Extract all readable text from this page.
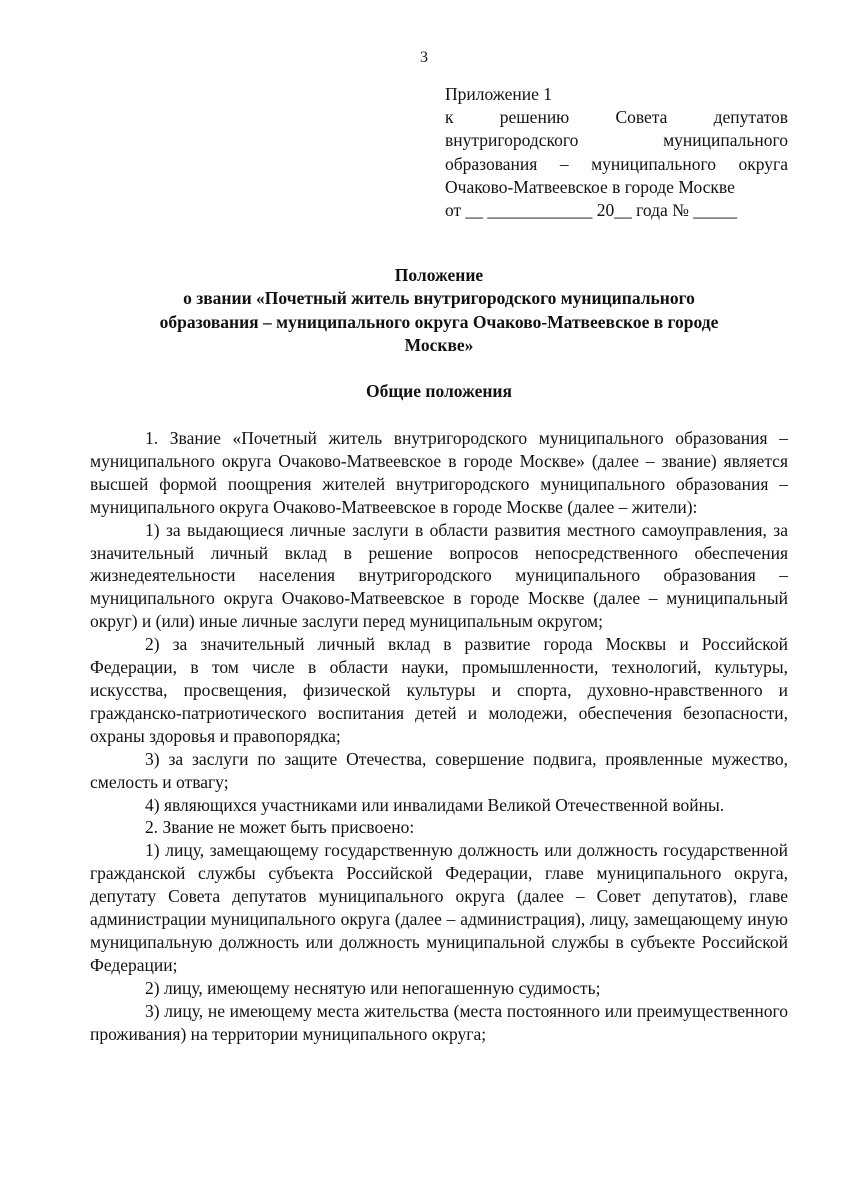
3
Приложение 1
к решению Совета депутатов
внутригородского муниципального
образования – муниципального округа
Очаково-Матвеевское в городе Москве
от __ ____________ 20__ года № _____
Положение
о звании «Почетный житель внутригородского муниципального
образования – муниципального округа Очаково-Матвеевское в городе
Москве»
Общие положения

1. Звание «Почетный житель внутригородского муниципального образования – муниципального округа Очаково-Матвеевское в городе Москве» (далее – звание) является высшей формой поощрения жителей внутригородского муниципального образования – муниципального округа Очаково-Матвеевское в городе Москве (далее – жители):

1) за выдающиеся личные заслуги в области развития местного самоуправления, за значительный личный вклад в решение вопросов непосредственного обеспечения жизнедеятельности населения внутригородского муниципального образования – муниципального округа Очаково-Матвеевское в городе Москве (далее – муниципальный округ) и (или) иные личные заслуги перед муниципальным округом;

2) за значительный личный вклад в развитие города Москвы и Российской Федерации, в том числе в области науки, промышленности, технологий, культуры, искусства, просвещения, физической культуры и спорта, духовно-нравственного и гражданско-патриотического воспитания детей и молодежи, обеспечения безопасности, охраны здоровья и правопорядка;

3) за заслуги по защите Отечества, совершение подвига, проявленные мужество, смелость и отвагу;

4) являющихся участниками или инвалидами Великой Отечественной войны.

2. Звание не может быть присвоено:

1) лицу, замещающему государственную должность или должность государственной гражданской службы субъекта Российской Федерации, главе муниципального округа, депутату Совета депутатов муниципального округа (далее – Совет депутатов), главе администрации муниципального округа (далее – администрация), лицу, замещающему иную муниципальную должность или должность муниципальной службы в субъекте Российской Федерации;

2) лицу, имеющему неснятую или непогашенную судимость;

3) лицу, не имеющему места жительства (места постоянного или преимущественного проживания) на территории муниципального округа;
